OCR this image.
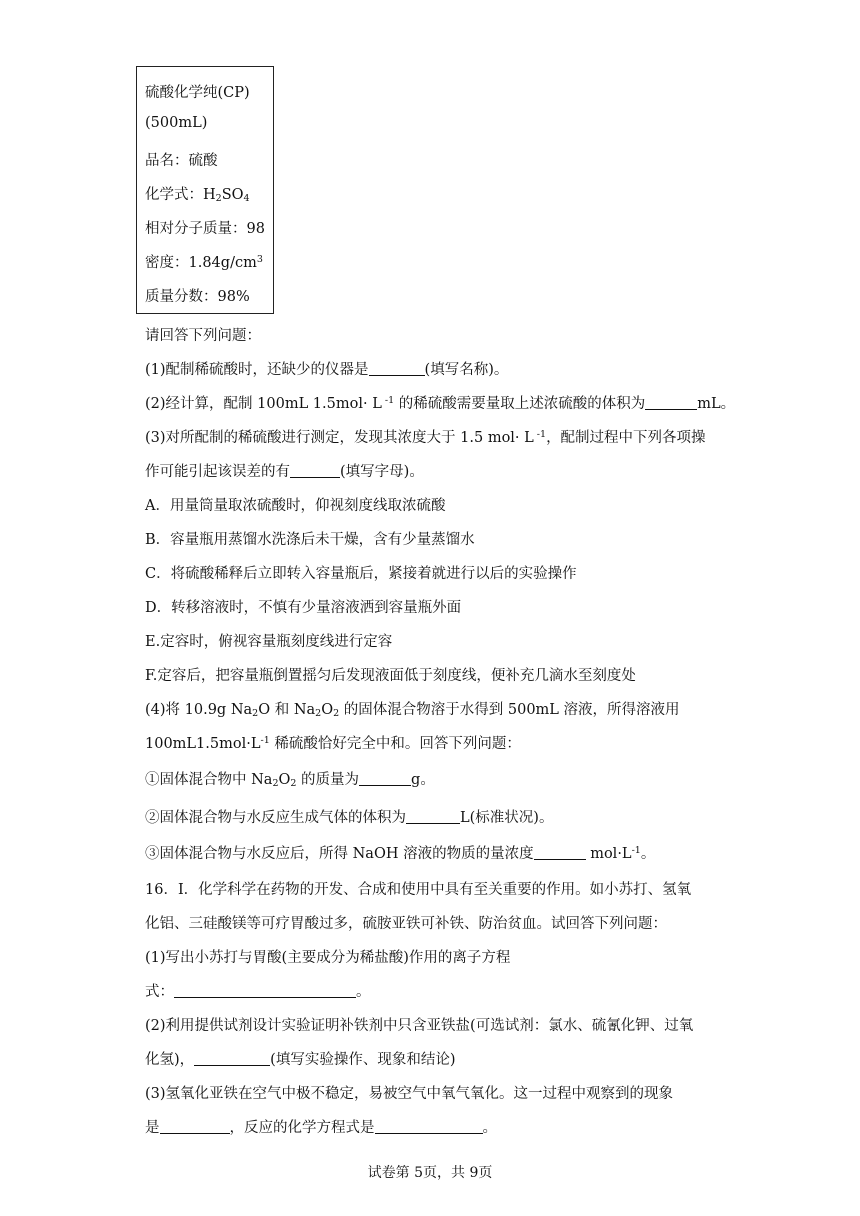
硫酸化学纯(CP)
(500mL)
品名：硫酸
化学式：$H_2SO_4$
相对分子质量：98
密度：$1.84g/cm^3$
质量分数：98%
请回答下列问题：
(1)配制稀硫酸时，还缺少的仪器是	(填写名称)。
(2)经计算，配制 100mL 1.5mol· L $^{-1}$ 的稀硫酸需要量取上述浓硫酸的体积为	mL。
(3)对所配制的稀硫酸进行测定，发现其浓度大于 1.5 mol· L $^{-1}$，配制过程中下列各项操
作可能引起该误差的有	(填写字母)。
A．用量筒量取浓硫酸时，仰视刻度线取浓硫酸
B．容量瓶用蒸馏水洗涤后未干燥，含有少量蒸馏水
C．将硫酸稀释后立即转入容量瓶后，紧接着就进行以后的实验操作
D．转移溶液时，不慎有少量溶液洒到容量瓶外面
E.定容时，俯视容量瓶刻度线进行定容
F.定容后，把容量瓶倒置摇匀后发现液面低于刻度线，便补充几滴水至刻度处
(4)将 10.9g $Na_2O$ 和 $Na_2O_2$ 的固体混合物溶于水得到 500mL 溶液，所得溶液用
$100mL1.5mol\cdot L^{-1}$ 稀硫酸恰好完全中和。回答下列问题：
①固体混合物中 $Na_2O_2$ 的质量为	g。
②固体混合物与水反应生成气体的体积为	L(标准状况)。
③固体混合物与水反应后，所得 NaOH 溶液的物质的量浓度	$mol\cdot L^{-1}$。
16．Ⅰ．化学科学在药物的开发、合成和使用中具有至关重要的作用。如小苏打、氢氧
化铝、三硅酸镁等可疗胃酸过多，硫胺亚铁可补铁、防治贫血。试回答下列问题：
(1)写出小苏打与胃酸(主要成分为稀盐酸)作用的离子方程
式：	。
(2)利用提供试剂设计实验证明补铁剂中只含亚铁盐(可选试剂：氯水、硫氰化钾、过氧
化氢)，	(填写实验操作、现象和结论)
(3)氢氧化亚铁在空气中极不稳定，易被空气中氧气氧化。这一过程中观察到的现象
是	，反应的化学方程式是	。
试卷第 5页，共 9页
